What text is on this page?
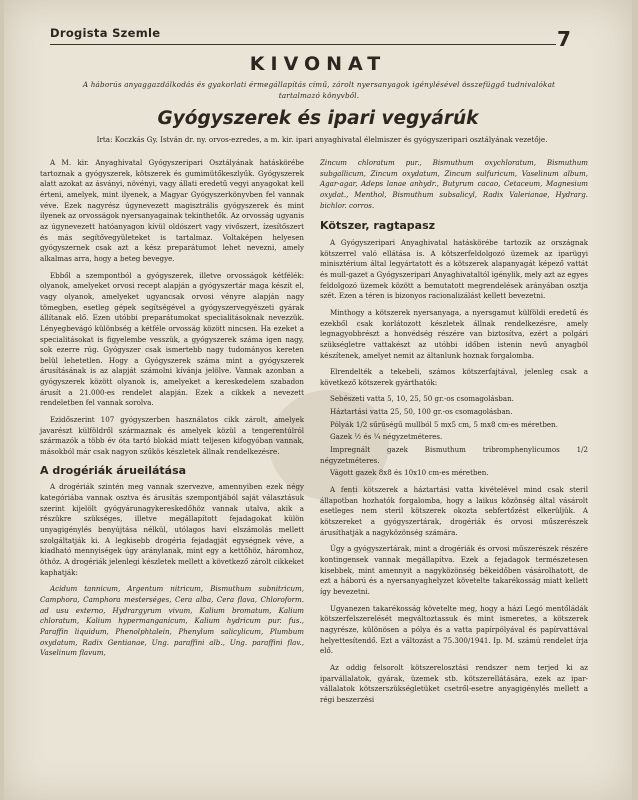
Drogista Szemle	7
KIVONAT
A háborús anyaggazdálkodás és gyakorlati érmegállapítás című, zárolt nyersanyagok igénylésével összefüggő tudnivalókat tartalmazó könyvből.
Gyógyszerek és ipari vegyárúk
Irta: Koczkás Gy. István dr. ny. orvos-ezredes, a m. kir. ipari anyaghivatal élelmiszer és gyógyszeripari osztályának vezetője.

A M. kir. Anyaghivatal Gyógyszeripari Osztályának hatáskörébe tartoznak a gyógyszerek, kötszerek és gumimütőkeszlyűk. Gyógyszerek alatt azokat az ásványi, növényi, vagy állati eredetű vegyi anyagokat kell érteni, amelyek, mint ilyenek, a Magyar Gyógyszerkönyvben fel vannak véve. Ezek nagyrész úgynevezett magisztrális gyógyszerek és mint ilyenek az orvosságok nyersanyagainak tekinthetők. Az orvosság ugyanis az úgynevezett hatóanyagon kívül oldószert vagy vivőszert, ízesítőszert és más segítővegyületeket is tartalmaz. Voltaképen helyesen gyógyszernek csak azt a kész preparátumot lehet nevezni, amely alkalmas arra, hogy a beteg bevegye.

Ebből a szempontból a gyógyszerek, illetve orvosságok kétfélék: olyanok, amelyeket orvosi recept alapján a gyógyszertár maga készít el, vagy olyanok, amelyeket ugyancsak orvosi vényre alapján nagy tömegben, esetleg gépek segítségével a gyógyszervegyészeti gyárak állítanak elő. Ezen utóbbi preparátumokat specialitásoknak nevezzük. Lényegbevágó különbség a kétféle orvosság között nincsen. Ha ezeket a specialitásokat is figyelembe vesszük, a gyógyszerek száma igen nagy, sok ezerre rúg. Gyógyszer csak ismertebb nagy tudományos kereten belül lehetetlen. Hogy a Gyógyszerek száma mint a gyógyszerek árusításának is az alapját számolni kívánja jelölve. Vannak azonban a gyógyszerek között olyanok is, amelyeket a kereskedelem szabadon árusít a 21.000-es rendelet alapján. Ezek a cikkek a nevezett rendeletben fel vannak sorolva.

Ezidőszerint 107 gyógyszerben használatos cikk zárolt, amelyek javarészt külföldről származnak és amelyek közül a tengerentúlról származók a több év óta tartó blokád miatt teljesen kifogyóban vannak, másokból már csak nagyon szűkös készletek állnak rendelkezésre.

A drogériák árueilátása

A drogériák szintén meg vannak szervezve, amennyiben ezek négy kategóriába vannak osztva és árusítás szempontjából saját választásuk szerint kijelölt gyógyárunagykereskedőhöz vannak utalva, akik a részükre szükséges, illetve megállapított fejadagokat külön unyagigénylés benyújtása nélkül, utólagos havi elszámolás mellett szolgáltatják ki. A legkisebb drogéria fejadagját egységnek véve, a kiadható mennyiségek úgy aránylanak, mint egy a kettőhöz, háromhoz, öthöz. A drogériák jelenlegi készletek mellett a következő zárolt cikkeket kaphatják:

Acidum tannicum, Argentum nitricum, Bismuthum subnitricum, Camphora, Camphora mesterséges, Cera alba, Cera flava, Chloroform. ad usu externo, Hydrargyrum vivum, Kalium bromatum, Kalium chloratum, Kalium hypermanganicum, Kalium hydricum pur. fus., Paraffin liquidum, Phenolphtalein, Phenylum salicylicum, Plumbum oxydatum, Radix Gentianae, Ung. paraffini alb., Ung. paraffini flav., Vaselinum flavum,

Zincum chloratum pur., Bismuthum oxychloratum, Bismuthum subgallicum, Zincum oxydatum, Zincum sulfuricum, Vaselinum album, Agar-agar, Adeps lanae anhydr., Butyrum cacao, Cetaceum, Magnesium oxydat., Menthol, Bismuthum subsalicyl, Radix Valerianae, Hydrarg. bichlor. corros.

Kötszer, ragtapasz

A Gyógyszeripari Anyaghivatal hatáskörébe tartozik az országnak kötszerrel való ellátása is. A kötszerfeldolgozó üzemek az iparügyi minisztérium által legyártatott és a kötszerek alapanyagát képező vattát és mull-gazet a Gyógyszeripari Anyaghivataltól igénylik, mely azt az egyes feldolgozó üzemek között a bemutatott megrendelések arányában osztja szét. Ezen a téren is bizonyos racionalizálást kellett bevezetni.

Minthogy a kötszerek nyersanyaga, a nyersgamut külföldi eredetű és ezekből csak korlátozott készletek állnak rendelkezésre, amely legnagyobbrészt a honvédség részére van biztosítva, ezért a polgári szükségletre vattakészt az utóbbi időben istenin nevű anyagból készítenek, amelyet nemit az áltanlunk hoznak forgalomba.

Elrendelték a tekebeli, számos kötszerfajtával, jelenleg csak a következő kötszerek gyárthatók:

Sebészeti vatta 5, 10, 25, 50 gr.-os csomagolásban.

Háztartási vatta 25, 50, 100 gr.-os csomagolásban.

Pólyák 1/2 sűrűségű mullból 5 mx5 cm, 5 mx8 cm-es méretben.

Gazek ½ és ¼ négyzetméteres.

Impregnált gazek Bismuthum tribromphenylicumos 1/2 négyzetméteres.

Vágott gazek 8x8 és 10x10 cm-es méretben.

A fenti kötszerek a háztartási vatta kivételével mind csak steril állapotban hozhatók forgalomba, hogy a laikus közönség által vásárolt esetleges nem steril kötszerek okozta sebfertőzést elkerüljük. A kötszereket a gyógyszertárak, drogériák és orvosi műszerészek árusíthatják a nagyközönség számára.

Úgy a gyógyszertárak, mint a drogériák és orvosi műszerészek részére kontingensek vannak megállapítva. Ezek a fejadagok természetesen kisebbek, mint amennyit a nagyközönség békeidőben vásárolhatott, de ezt a háború és a nyersanyaghelyzet követelte takarékosság miatt kellett így bevezetni.

Ugyanezen takarékosság követelte meg, hogy a házi Legó mentőládák kötszerfelszerelését megváltoztassuk és mint ismeretes, a kötszerek nagyrésze, különösen a pólya és a vatta papírpólyával és papírvattával helyettesítendő. Ezt a változást a 75.300/1941. Ip. M. számú rendelet írja elő.

Az oddig felsorolt kötszerelosztási rendszer nem terjed ki az iparvállalatok, gyárak, üzemek stb. kötszerellátására, ezek az iparvállalatok kötszerszükségletüket csetről-esetre anyagigénylés mellett a régi beszerzési
